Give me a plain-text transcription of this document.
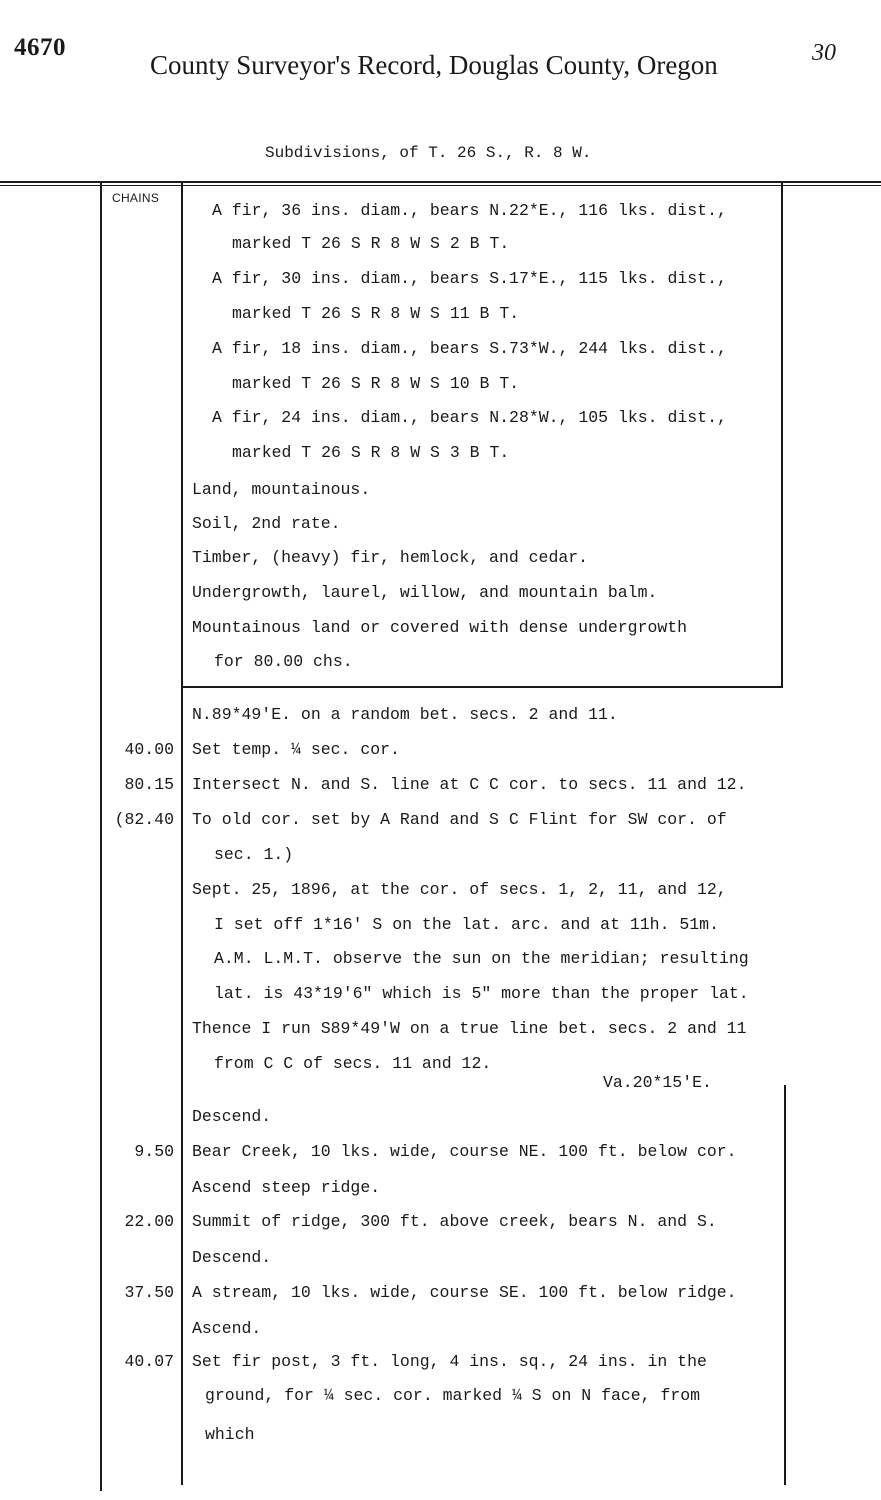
4670
County Surveyor's Record, Douglas County, Oregon	30
Subdivisions, of T. 26 S., R. 8 W.
CHAINS
A fir, 36 ins. diam., bears N.22*E., 116 lks. dist.,
marked T 26 S R 8 W S 2 B T.
A fir, 30 ins. diam., bears S.17*E., 115 lks. dist.,
marked T 26 S R 8 W S 11 B T.
A fir, 18 ins. diam., bears S.73*W., 244 lks. dist.,
marked T 26 S R 8 W S 10 B T.
A fir, 24 ins. diam., bears N.28*W., 105 lks. dist.,
marked T 26 S R 8 W S 3 B T.
Land, mountainous.
Soil, 2nd rate.
Timber, (heavy) fir, hemlock, and cedar.
Undergrowth, laurel, willow, and mountain balm.
Mountainous land or covered with dense undergrowth
for 80.00 chs.
N.89*49'E. on a random bet. secs. 2 and 11.
40.00 Set temp. ¼ sec. cor.
80.15 Intersect N. and S. line at C C cor. to secs. 11 and 12.
(82.40 To old cor. set by A Rand and S C Flint for SW cor. of
sec. 1.)
Sept. 25, 1896, at the cor. of secs. 1, 2, 11, and 12,
I set off 1*16' S on the lat. arc. and at 11h. 51m.
A.M. L.M.T. observe the sun on the meridian; resulting
lat. is 43*19'6" which is 5" more than the proper lat.
Thence I run S89*49'W on a true line bet. secs. 2 and 11
from C C of secs. 11 and 12.
Va.20*15'E.
Descend.
9.50 Bear Creek, 10 lks. wide, course NE. 100 ft. below cor.
Ascend steep ridge.
22.00 Summit of ridge, 300 ft. above creek, bears N. and S.
Descend.
37.50 A stream, 10 lks. wide, course SE. 100 ft. below ridge.
Ascend.
40.07 Set fir post, 3 ft. long, 4 ins. sq., 24 ins. in the
ground, for ¼ sec. cor. marked ¼ S on N face, from
which
